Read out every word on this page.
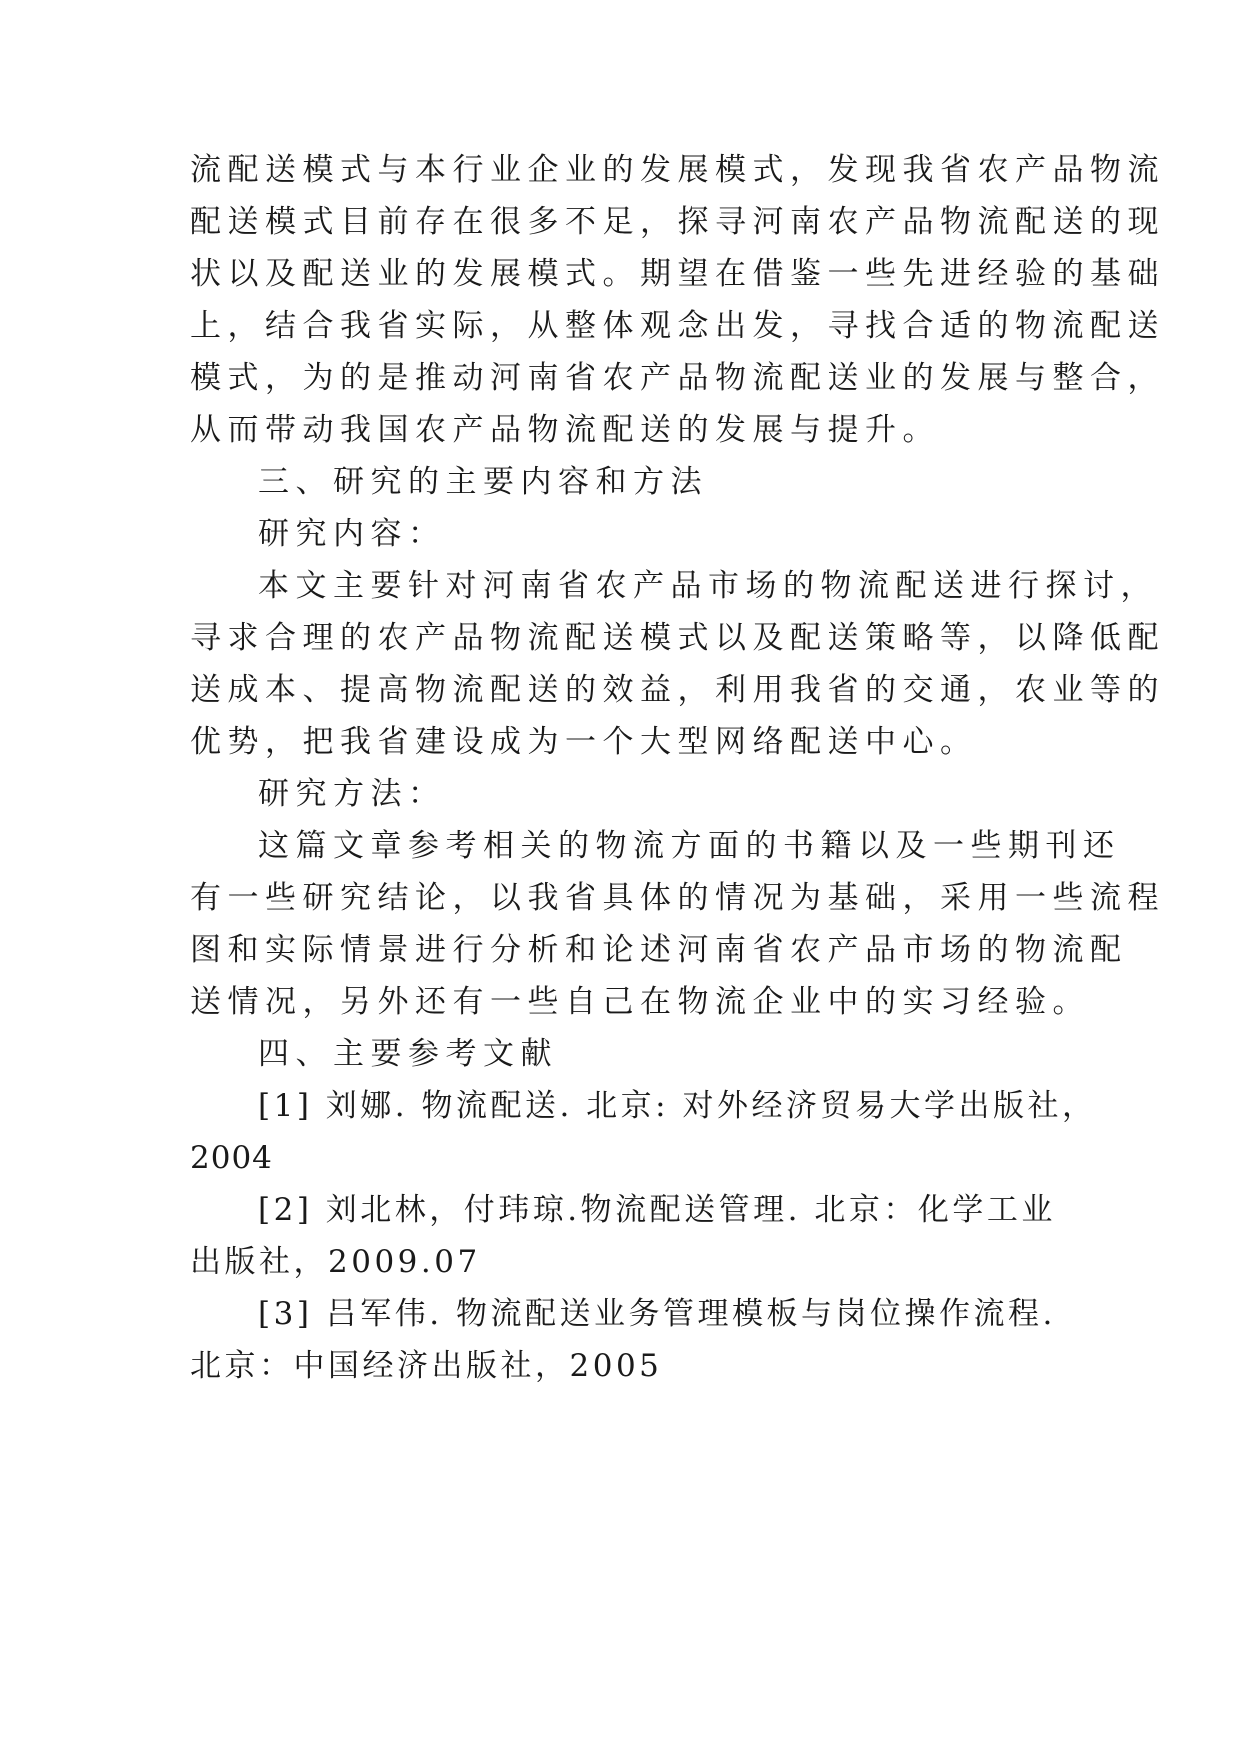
流配送模式与本行业企业的发展模式，发现我省农产品物流
配送模式目前存在很多不足，探寻河南农产品物流配送的现
状以及配送业的发展模式。期望在借鉴一些先进经验的基础
上，结合我省实际，从整体观念出发，寻找合适的物流配送
模式，为的是推动河南省农产品物流配送业的发展与整合，
从而带动我国农产品物流配送的发展与提升。
三、研究的主要内容和方法
研究内容：
本文主要针对河南省农产品市场的物流配送进行探讨，
寻求合理的农产品物流配送模式以及配送策略等，以降低配
送成本、提高物流配送的效益，利用我省的交通，农业等的
优势，把我省建设成为一个大型网络配送中心。
研究方法：
这篇文章参考相关的物流方面的书籍以及一些期刊还
有一些研究结论，以我省具体的情况为基础，采用一些流程
图和实际情景进行分析和论述河南省农产品市场的物流配
送情况，另外还有一些自己在物流企业中的实习经验。
四、主要参考文献
[1] 刘娜. 物流配送. 北京: 对外经济贸易大学出版社，
2004
[2] 刘北林，付玮琼.物流配送管理. 北京：化学工业
出版社，2009.07
[3] 吕军伟. 物流配送业务管理模板与岗位操作流程.
北京：中国经济出版社，2005
